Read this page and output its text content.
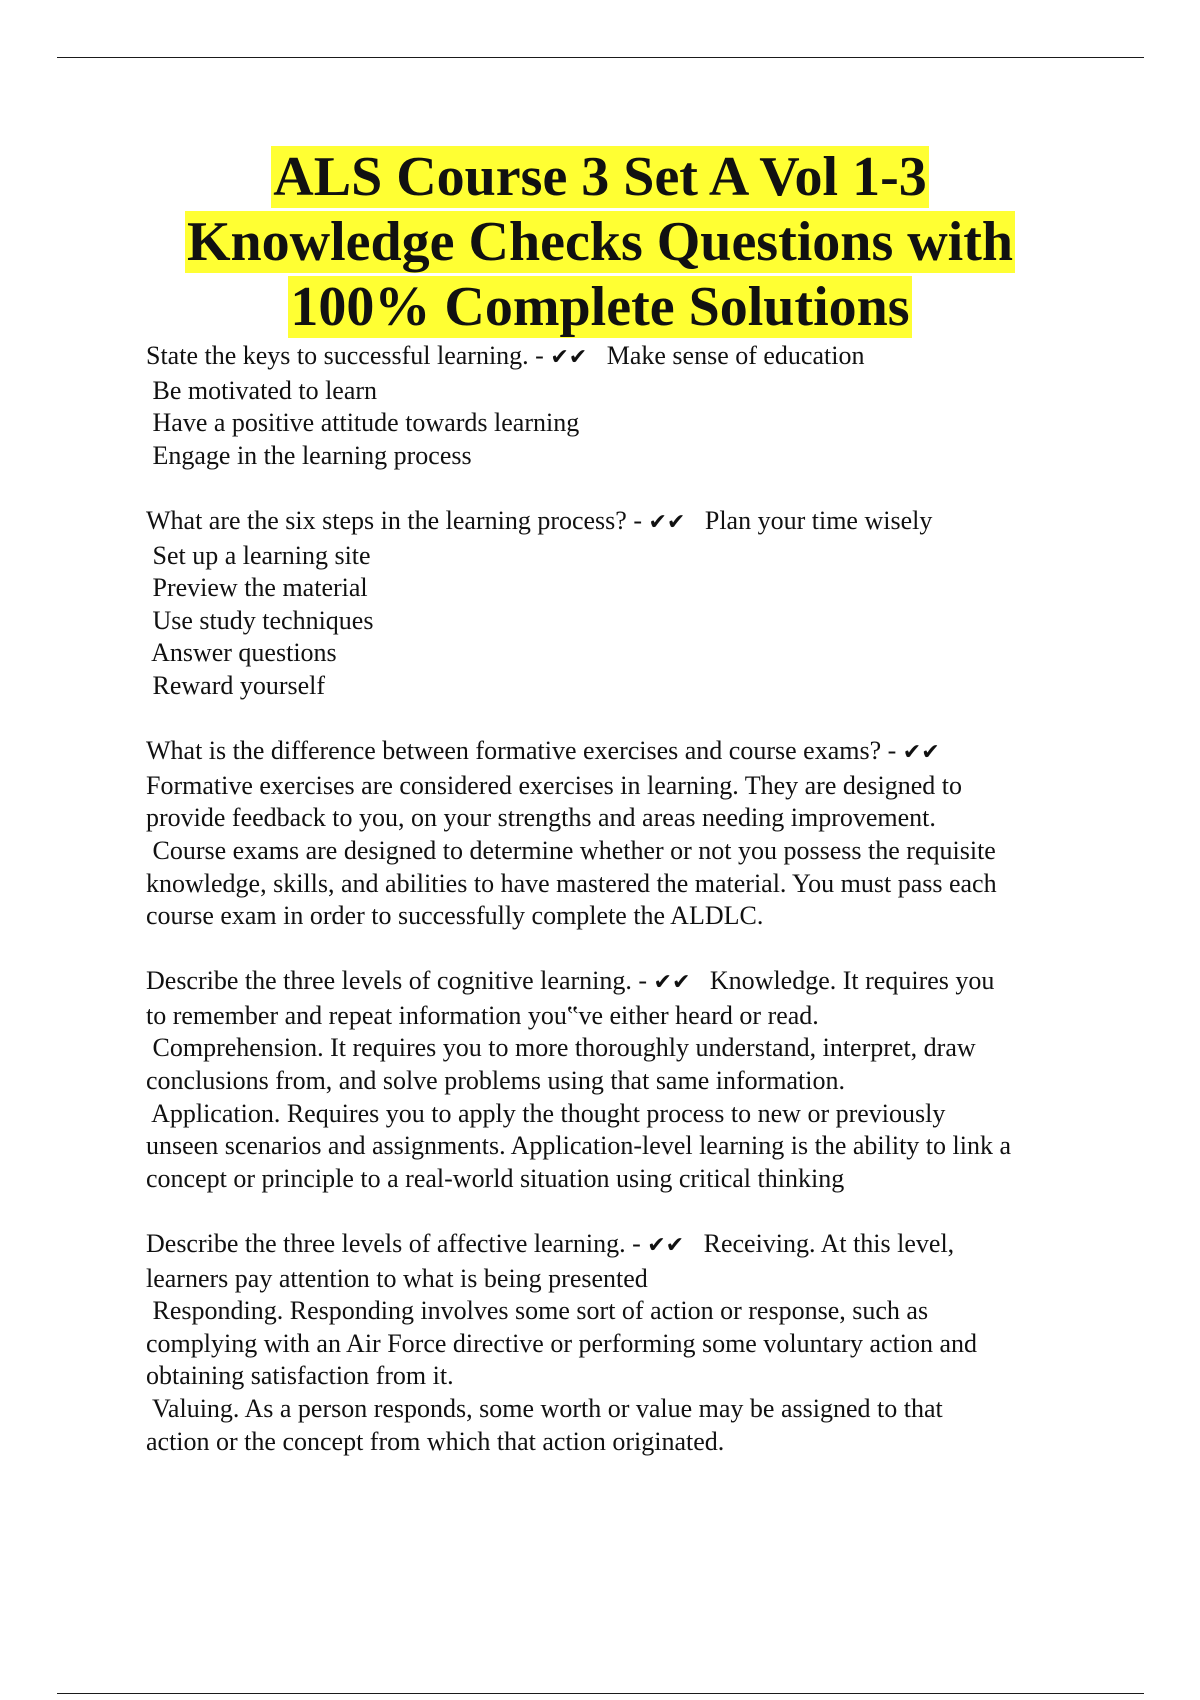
ALS Course 3 Set A Vol 1-3
Knowledge Checks Questions with
100% Complete Solutions
State the keys to successful learning. - ✔✔ Make sense of education
Be motivated to learn
Have a positive attitude towards learning
Engage in the learning process
What are the six steps in the learning process? - ✔✔ Plan your time wisely
Set up a learning site
Preview the material
Use study techniques
Answer questions
Reward yourself
What is the difference between formative exercises and course exams? - ✔✔
Formative exercises are considered exercises in learning. They are designed to
provide feedback to you, on your strengths and areas needing improvement.
Course exams are designed to determine whether or not you possess the requisite
knowledge, skills, and abilities to have mastered the material. You must pass each
course exam in order to successfully complete the ALDLC.
Describe the three levels of cognitive learning. - ✔✔ Knowledge. It requires you
to remember and repeat information you‟ve either heard or read.
Comprehension. It requires you to more thoroughly understand, interpret, draw
conclusions from, and solve problems using that same information.
Application. Requires you to apply the thought process to new or previously
unseen scenarios and assignments. Application-level learning is the ability to link a
concept or principle to a real-world situation using critical thinking
Describe the three levels of affective learning. - ✔✔ Receiving. At this level,
learners pay attention to what is being presented
Responding. Responding involves some sort of action or response, such as
complying with an Air Force directive or performing some voluntary action and
obtaining satisfaction from it.
Valuing. As a person responds, some worth or value may be assigned to that
action or the concept from which that action originated.
